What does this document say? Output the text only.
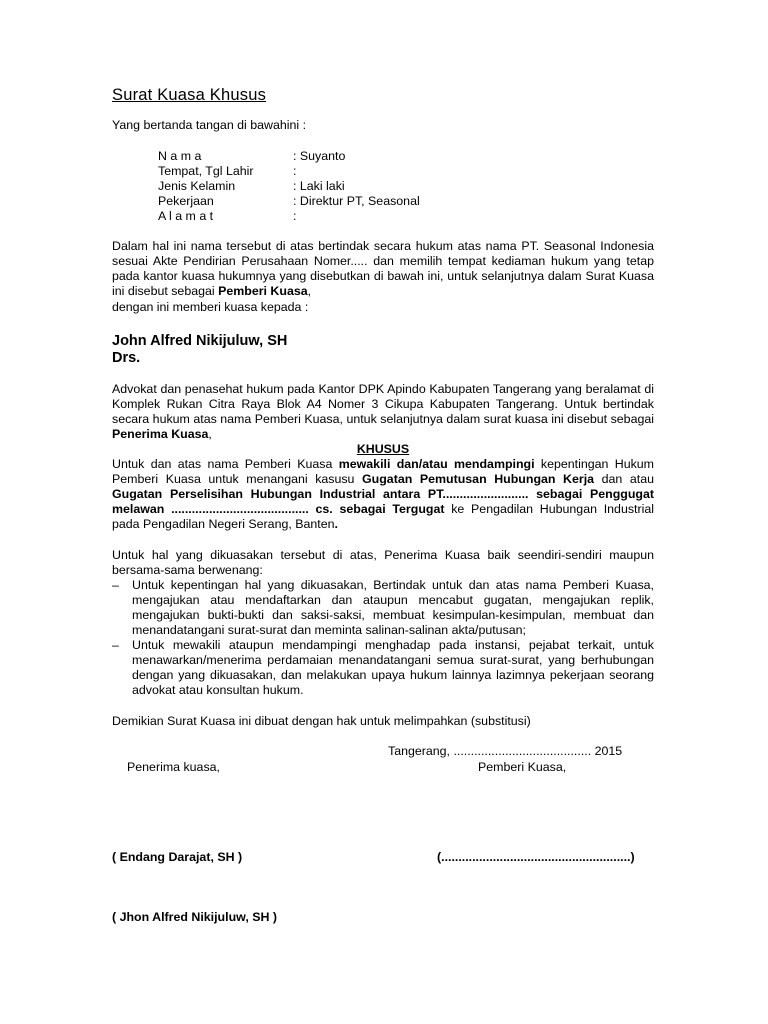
Surat Kuasa Khusus
Yang bertanda tangan di bawahini :
N a m a	: Suyanto
Tempat, Tgl Lahir	:
Jenis Kelamin	: Laki laki
Pekerjaan	: Direktur PT, Seasonal
A l a m a t	:
Dalam hal ini nama tersebut di atas bertindak secara hukum atas nama PT. Seasonal Indonesia sesuai Akte Pendirian Perusahaan Nomer..... dan memilih tempat kediaman hukum yang tetap pada kantor kuasa hukumnya yang disebutkan di bawah ini, untuk selanjutnya dalam Surat Kuasa ini disebut sebagai Pemberi Kuasa,
dengan ini memberi kuasa kepada :
John Alfred Nikijuluw, SH
Drs.
Advokat dan penasehat hukum pada Kantor DPK Apindo Kabupaten Tangerang yang beralamat di Komplek Rukan Citra Raya Blok A4 Nomer 3 Cikupa Kabupaten Tangerang. Untuk bertindak secara hukum atas nama Pemberi Kuasa, untuk selanjutnya dalam surat kuasa ini disebut sebagai Penerima Kuasa,
KHUSUS
Untuk dan atas nama Pemberi Kuasa mewakili dan/atau mendampingi kepentingan Hukum Pemberi Kuasa untuk menangani kasusu Gugatan Pemutusan Hubungan Kerja dan atau Gugatan Perselisihan Hubungan Industrial antara PT......................... sebagai Penggugat melawan ........................................ cs. sebagai Tergugat ke Pengadilan Hubungan Industrial pada Pengadilan Negeri Serang, Banten.
Untuk hal yang dikuasakan tersebut di atas, Penerima Kuasa baik seendiri-sendiri maupun bersama-sama berwenang:
– Untuk kepentingan hal yang dikuasakan, Bertindak untuk dan atas nama Pemberi Kuasa, mengajukan atau mendaftarkan dan ataupun mencabut gugatan, mengajukan replik, mengajukan bukti-bukti dan saksi-saksi, membuat kesimpulan-kesimpulan, membuat dan menandatangani surat-surat dan meminta salinan-salinan akta/putusan;
– Untuk mewakili ataupun mendampingi menghadap pada instansi, pejabat terkait, untuk menawarkan/menerima perdamaian menandatangani semua surat-surat, yang berhubungan dengan yang dikuasakan, dan melakukan upaya hukum lainnya lazimnya pekerjaan seorang advokat atau konsultan hukum.
Demikian Surat Kuasa ini dibuat dengan hak untuk melimpahkan (substitusi)
Tangerang, ........................................ 2015
Penerima kuasa,	Pemberi Kuasa,
( Endang Darajat, SH )	(.......................................................)
( Jhon Alfred Nikijuluw, SH )
